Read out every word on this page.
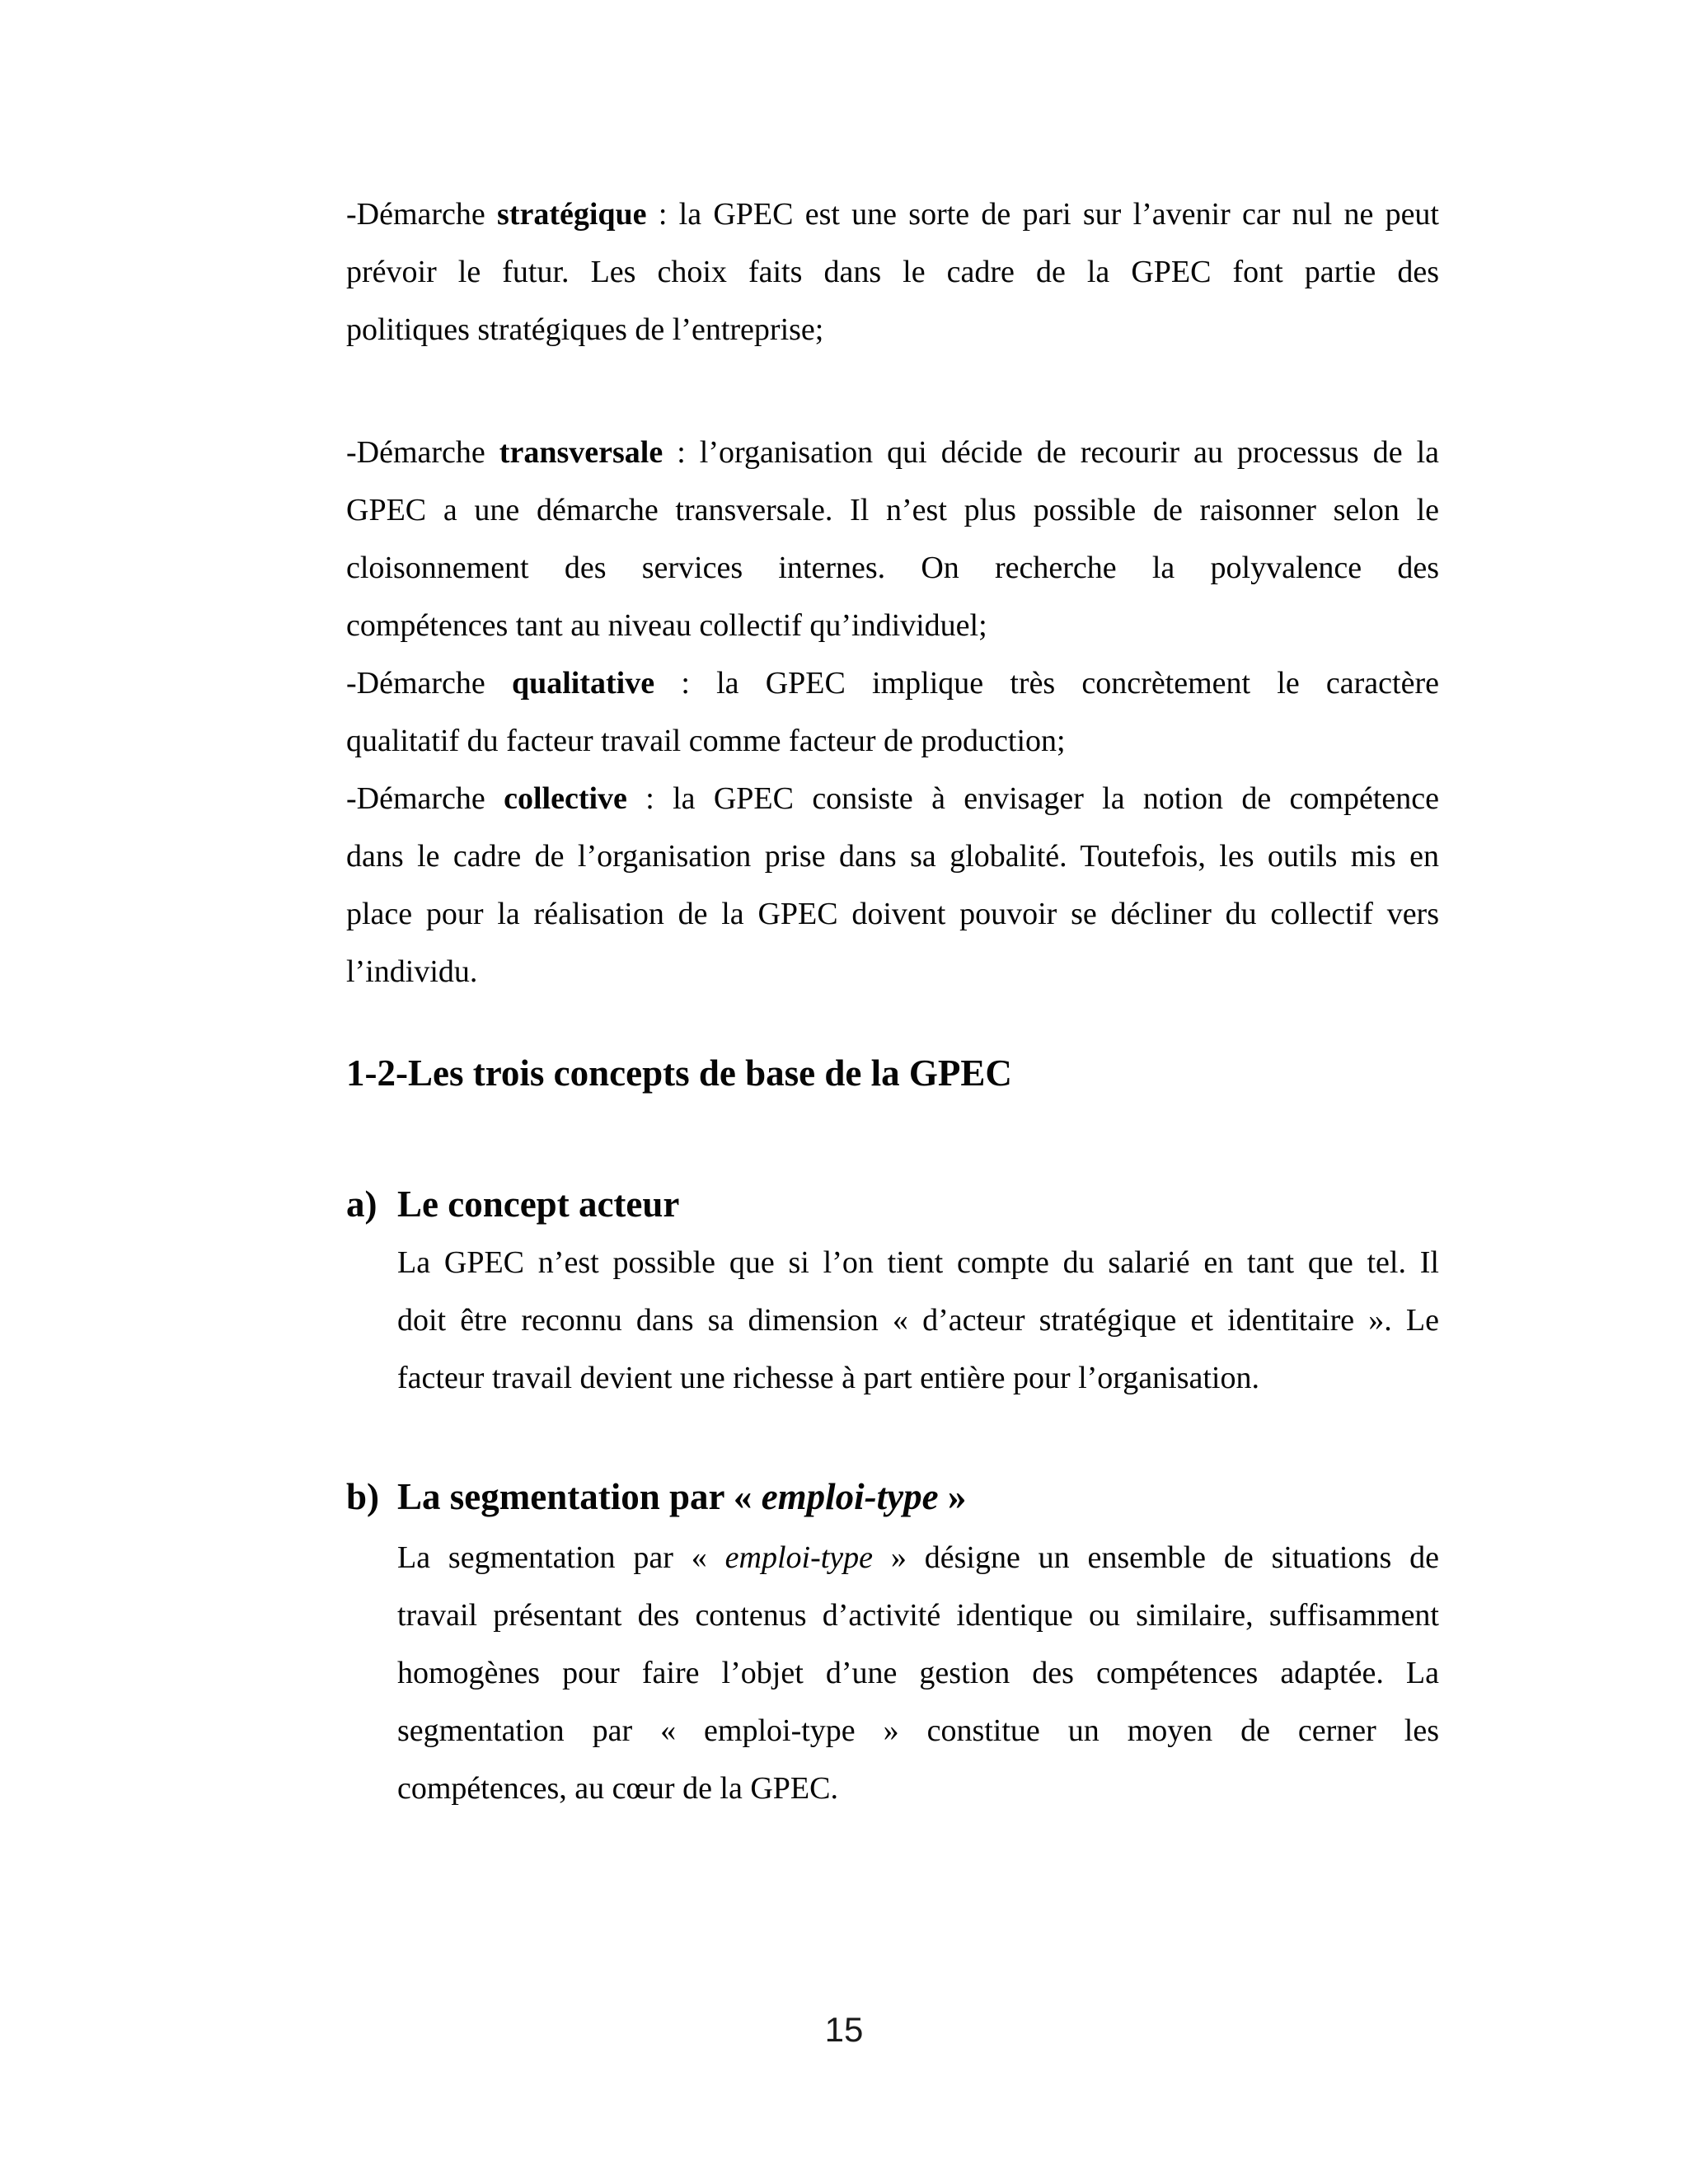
-Démarche stratégique : la GPEC est une sorte de pari sur l’avenir car nul ne peut
prévoir le futur. Les choix faits dans le cadre de la GPEC font partie des
politiques stratégiques de l’entreprise;
-Démarche transversale : l’organisation qui décide de recourir au processus de la
GPEC a une démarche transversale. Il n’est plus possible de raisonner selon le
cloisonnement des services internes. On recherche la polyvalence des
compétences tant au niveau collectif qu’individuel;
-Démarche qualitative : la GPEC implique très concrètement le caractère
qualitatif du facteur travail comme facteur de production;
-Démarche collective : la GPEC consiste à envisager la notion de compétence
dans le cadre de l’organisation prise dans sa globalité. Toutefois, les outils mis en
place pour la réalisation de la GPEC doivent pouvoir se décliner du collectif vers
l’individu.
1-2-Les trois concepts de base de la GPEC
a) Le concept acteur
La GPEC n’est possible que si l’on tient compte du salarié en tant que tel. Il
doit être reconnu dans sa dimension « d’acteur stratégique et identitaire ». Le
facteur travail devient une richesse à part entière pour l’organisation.
b) La segmentation par « emploi-type »
La segmentation par « emploi-type » désigne un ensemble de situations de
travail présentant des contenus d’activité identique ou similaire, suffisamment
homogènes pour faire l’objet d’une gestion des compétences adaptée. La
segmentation par « emploi-type » constitue un moyen de cerner les
compétences, au cœur de la GPEC.
15
